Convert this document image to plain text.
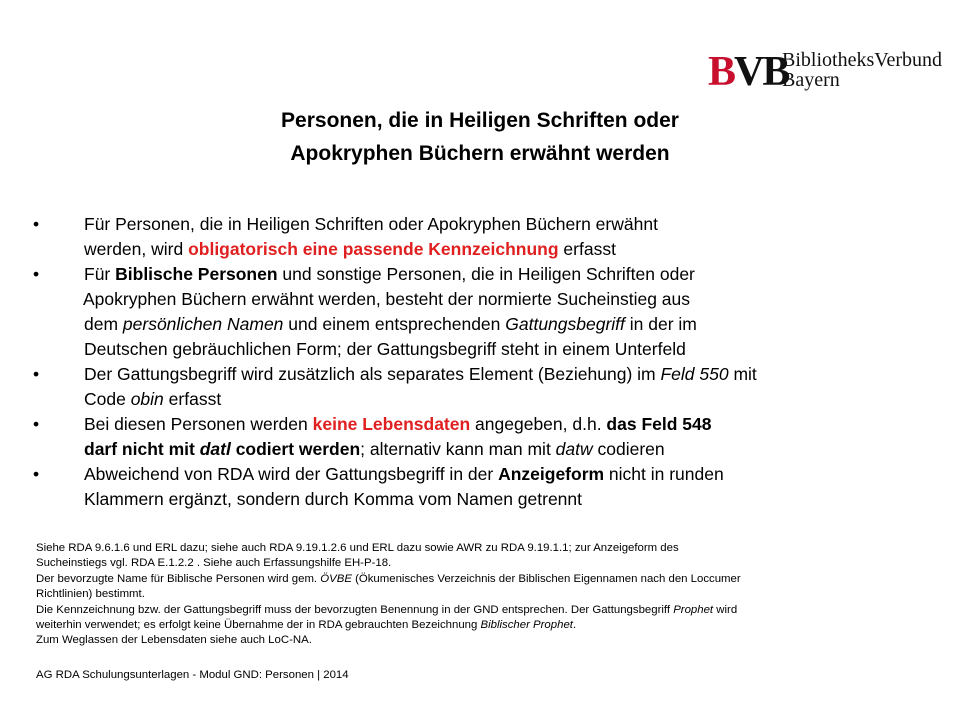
BVB
BibliotheksVerbund
Bayern
Personen, die in Heiligen Schriften oder
Apokryphen Büchern erwähnt werden
•	Für Personen, die in Heiligen Schriften oder Apokryphen Büchern erwähnt
werden, wird obligatorisch eine passende Kennzeichnung erfasst
•	Für Biblische Personen und sonstige Personen, die in Heiligen Schriften oder
Apokryphen Büchern erwähnt werden, besteht der normierte Sucheinstieg aus
dem persönlichen Namen und einem entsprechenden Gattungsbegriff in der im
Deutschen gebräuchlichen Form; der Gattungsbegriff steht in einem Unterfeld
•	Der Gattungsbegriff wird zusätzlich als separates Element (Beziehung) im Feld 550 mit
Code obin erfasst
•	Bei diesen Personen werden keine Lebensdaten angegeben, d.h. das Feld 548
darf nicht mit datl codiert werden; alternativ kann man mit datw codieren
•	Abweichend von RDA wird der Gattungsbegriff in der Anzeigeform nicht in runden
Klammern ergänzt, sondern durch Komma vom Namen getrennt
Siehe RDA 9.6.1.6 und ERL dazu; siehe auch RDA 9.19.1.2.6 und ERL dazu sowie AWR zu RDA 9.19.1.1; zur Anzeigeform des
Sucheinstiegs vgl. RDA E.1.2.2 . Siehe auch Erfassungshilfe EH-P-18.
Der bevorzugte Name für Biblische Personen wird gem. ÖVBE (Ökumenisches Verzeichnis der Biblischen Eigennamen nach den Loccumer
Richtlinien) bestimmt.
Die Kennzeichnung bzw. der Gattungsbegriff muss der bevorzugten Benennung in der GND entsprechen. Der Gattungsbegriff Prophet wird
weiterhin verwendet; es erfolgt keine Übernahme der in RDA gebrauchten Bezeichnung Biblischer Prophet.
Zum Weglassen der Lebensdaten siehe auch LoC-NA.
AG RDA Schulungsunterlagen - Modul GND: Personen | 2014
